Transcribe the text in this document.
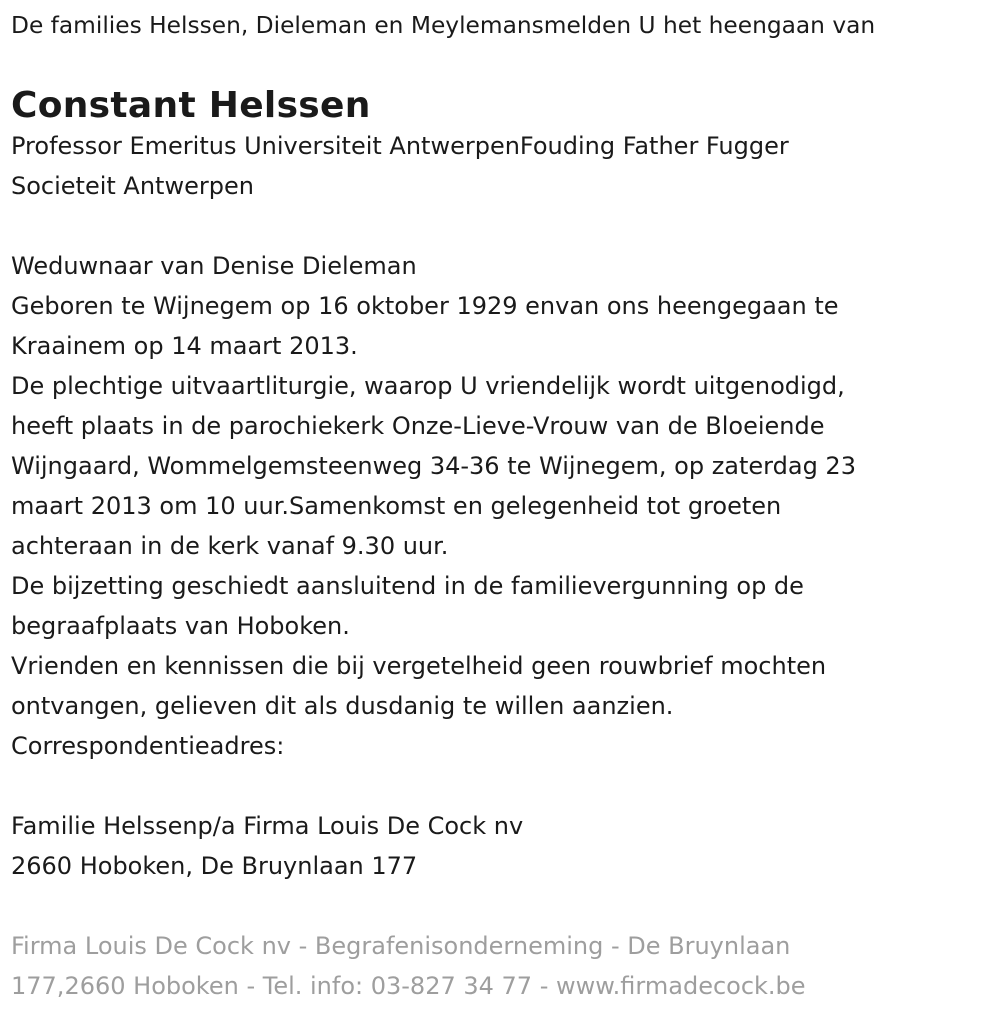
De families Helssen, Dieleman en Meylemansmelden U het heengaan van
Constant Helssen
Professor Emeritus Universiteit AntwerpenFouding Father Fugger
Societeit Antwerpen
Weduwnaar van Denise Dieleman
Geboren te Wijnegem op 16 oktober 1929 envan ons heengegaan te
Kraainem op 14 maart 2013.
De plechtige uitvaartliturgie, waarop U vriendelijk wordt uitgenodigd,
heeft plaats in de parochiekerk Onze-Lieve-Vrouw van de Bloeiende
Wijngaard, Wommelgemsteenweg 34-36 te Wijnegem, op zaterdag 23
maart 2013 om 10 uur.Samenkomst en gelegenheid tot groeten
achteraan in de kerk vanaf 9.30 uur.
De bijzetting geschiedt aansluitend in de familievergunning op de
begraafplaats van Hoboken.
Vrienden en kennissen die bij vergetelheid geen rouwbrief mochten
ontvangen, gelieven dit als dusdanig te willen aanzien.
Correspondentieadres:
Familie Helssenp/a Firma Louis De Cock nv
2660 Hoboken, De Bruynlaan 177
Firma Louis De Cock nv - Begrafenisonderneming - De Bruynlaan
177,2660 Hoboken - Tel. info: 03-827 34 77 - www.firmadecock.be
